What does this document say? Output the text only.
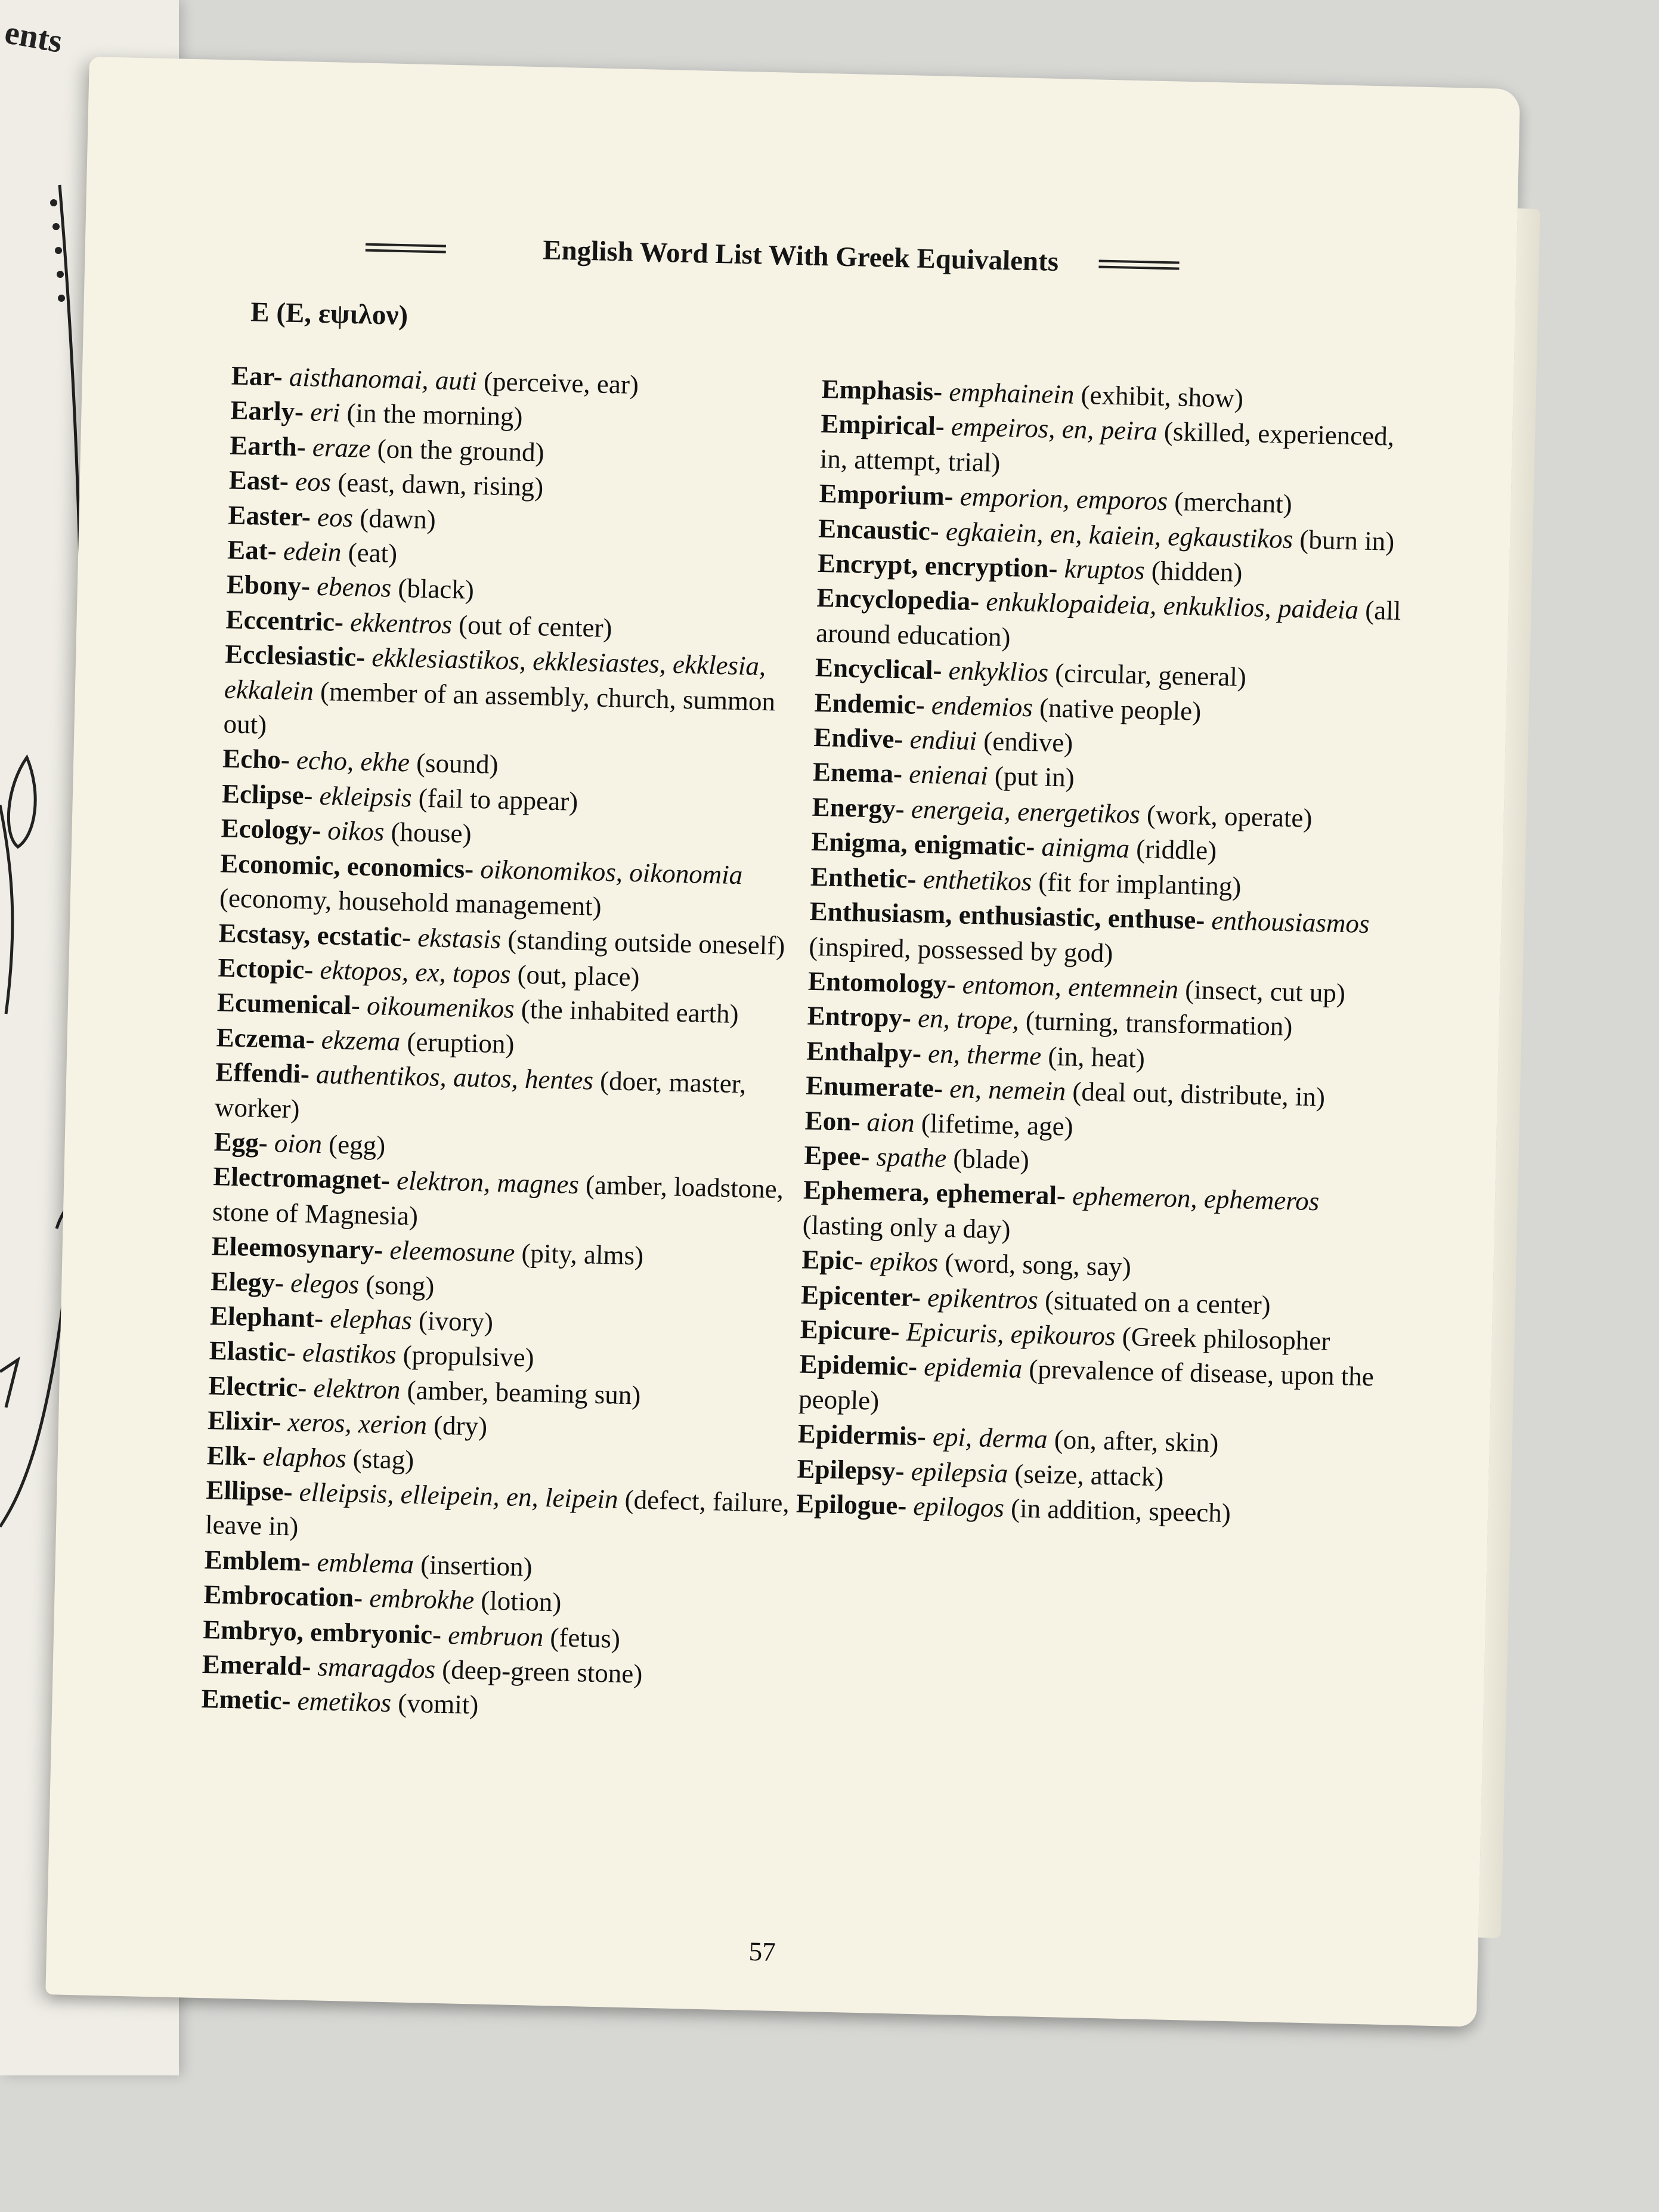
ents
English Word List With Greek Equivalents
E (Ε, εψιλον)

Ear- aisthanomai, auti (perceive, ear)

Early- eri (in the morning)

Earth- eraze (on the ground)

East- eos (east, dawn, rising)

Easter- eos (dawn)

Eat- edein (eat)

Ebony- ebenos (black)

Eccentric- ekkentros (out of center)

Ecclesiastic- ekklesiastikos, ekklesiastes, ekklesia, ekkalein (member of an assembly, church, summon out)

Echo- echo, ekhe (sound)

Eclipse- ekleipsis (fail to appear)

Ecology- oikos (house)

Economic, economics- oikonomikos, oikonomia (economy, household management)

Ecstasy, ecstatic- ekstasis (standing outside oneself)

Ectopic- ektopos, ex, topos (out, place)

Ecumenical- oikoumenikos (the inhabited earth)

Eczema- ekzema (eruption)

Effendi- authentikos, autos, hentes (doer, master, worker)

Egg- oion (egg)

Electromagnet- elektron, magnes (amber, loadstone, stone of Magnesia)

Eleemosynary- eleemosune (pity, alms)

Elegy- elegos (song)

Elephant- elephas (ivory)

Elastic- elastikos (propulsive)

Electric- elektron (amber, beaming sun)

Elixir- xeros, xerion (dry)

Elk- elaphos (stag)

Ellipse- elleipsis, elleipein, en, leipein (defect, failure, leave in)

Emblem- emblema (insertion)

Embrocation- embrokhe (lotion)

Embryo, embryonic- embruon (fetus)

Emerald- smaragdos (deep-green stone)

Emetic- emetikos (vomit)

Emphasis- emphainein (exhibit, show)

Empirical- empeiros, en, peira (skilled, experienced, in, attempt, trial)

Emporium- emporion, emporos (merchant)

Encaustic- egkaiein, en, kaiein, egkaustikos (burn in)

Encrypt, encryption- kruptos (hidden)

Encyclopedia- enkuklopaideia, enkuklios, paideia (all around education)

Encyclical- enkyklios (circular, general)

Endemic- endemios (native people)

Endive- endiui (endive)

Enema- enienai (put in)

Energy- energeia, energetikos (work, operate)

Enigma, enigmatic- ainigma (riddle)

Enthetic- enthetikos (fit for implanting)

Enthusiasm, enthusiastic, enthuse- enthousiasmos (inspired, possessed by god)

Entomology- entomon, entemnein (insect, cut up)

Entropy- en, trope, (turning, transformation)

Enthalpy- en, therme (in, heat)

Enumerate- en, nemein (deal out, distribute, in)

Eon- aion (lifetime, age)

Epee- spathe (blade)

Ephemera, ephemeral- ephemeron, ephemeros (lasting only a day)

Epic- epikos (word, song, say)

Epicenter- epikentros (situated on a center)

Epicure- Epicuris, epikouros (Greek philosopher

Epidemic- epidemia (prevalence of disease, upon the people)

Epidermis- epi, derma (on, after, skin)

Epilepsy- epilepsia (seize, attack)

Epilogue- epilogos (in addition, speech)

57
